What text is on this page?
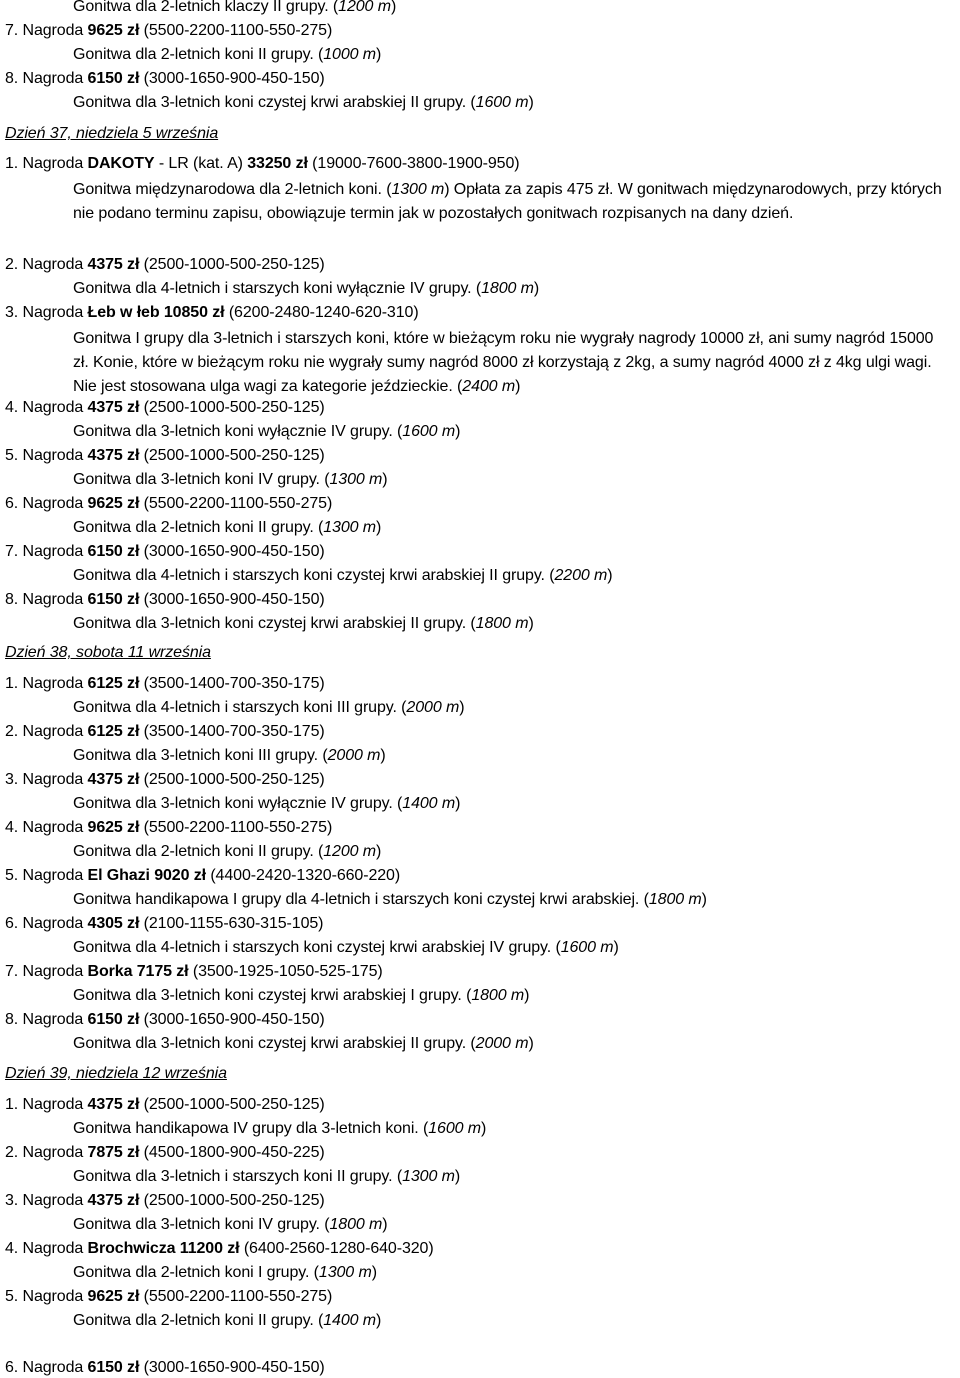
Gonitwa dla 2-letnich klaczy II grupy. (1200 m)
7. Nagroda 9625 zł (5500-2200-1100-550-275)
Gonitwa dla 2-letnich koni II grupy. (1000 m)
8. Nagroda 6150 zł (3000-1650-900-450-150)
Gonitwa dla 3-letnich koni czystej krwi arabskiej II grupy. (1600 m)
Dzień 37, niedziela 5 września
1. Nagroda DAKOTY - LR (kat. A) 33250 zł (19000-7600-3800-1900-950)
Gonitwa międzynarodowa dla 2-letnich koni. (1300 m) Opłata za zapis 475 zł. W gonitwach międzynarodowych, przy których nie podano terminu zapisu, obowiązuje termin jak w pozostałych gonitwach rozpisanych na dany dzień.
2. Nagroda 4375 zł (2500-1000-500-250-125)
Gonitwa dla 4-letnich i starszych koni wyłącznie IV grupy. (1800 m)
3. Nagroda Łeb w łeb 10850 zł (6200-2480-1240-620-310)
Gonitwa I grupy dla 3-letnich i starszych koni, które w bieżącym roku nie wygrały nagrody 10000 zł, ani sumy nagród 15000 zł. Konie, które w bieżącym roku nie wygrały sumy nagród 8000 zł korzystają z 2kg, a sumy nagród 4000 zł z 4kg ulgi wagi. Nie jest stosowana ulga wagi za kategorie jeździeckie. (2400 m)
4. Nagroda 4375 zł (2500-1000-500-250-125)
Gonitwa dla 3-letnich koni wyłącznie IV grupy. (1600 m)
5. Nagroda 4375 zł (2500-1000-500-250-125)
Gonitwa dla 3-letnich koni IV grupy. (1300 m)
6. Nagroda 9625 zł (5500-2200-1100-550-275)
Gonitwa dla 2-letnich koni II grupy. (1300 m)
7. Nagroda 6150 zł (3000-1650-900-450-150)
Gonitwa dla 4-letnich i starszych koni czystej krwi arabskiej II grupy. (2200 m)
8. Nagroda 6150 zł (3000-1650-900-450-150)
Gonitwa dla 3-letnich koni czystej krwi arabskiej II grupy. (1800 m)
Dzień 38, sobota 11 września
1. Nagroda 6125 zł (3500-1400-700-350-175)
Gonitwa dla 4-letnich i starszych koni III grupy. (2000 m)
2. Nagroda 6125 zł (3500-1400-700-350-175)
Gonitwa dla 3-letnich koni III grupy. (2000 m)
3. Nagroda 4375 zł (2500-1000-500-250-125)
Gonitwa dla 3-letnich koni wyłącznie IV grupy. (1400 m)
4. Nagroda 9625 zł (5500-2200-1100-550-275)
Gonitwa dla 2-letnich koni II grupy. (1200 m)
5. Nagroda El Ghazi 9020 zł (4400-2420-1320-660-220)
Gonitwa handikapowa I grupy dla 4-letnich i starszych koni czystej krwi arabskiej. (1800 m)
6. Nagroda 4305 zł (2100-1155-630-315-105)
Gonitwa dla 4-letnich i starszych koni czystej krwi arabskiej IV grupy. (1600 m)
7. Nagroda Borka 7175 zł (3500-1925-1050-525-175)
Gonitwa dla 3-letnich koni czystej krwi arabskiej I grupy. (1800 m)
8. Nagroda 6150 zł (3000-1650-900-450-150)
Gonitwa dla 3-letnich koni czystej krwi arabskiej II grupy. (2000 m)
Dzień 39, niedziela 12 września
1. Nagroda 4375 zł (2500-1000-500-250-125)
Gonitwa handikapowa IV grupy dla 3-letnich koni. (1600 m)
2. Nagroda 7875 zł (4500-1800-900-450-225)
Gonitwa dla 3-letnich i starszych koni II grupy. (1300 m)
3. Nagroda 4375 zł (2500-1000-500-250-125)
Gonitwa dla 3-letnich koni IV grupy. (1800 m)
4. Nagroda Brochwicza 11200 zł (6400-2560-1280-640-320)
Gonitwa dla 2-letnich koni I grupy. (1300 m)
5. Nagroda 9625 zł (5500-2200-1100-550-275)
Gonitwa dla 2-letnich koni II grupy. (1400 m)
6. Nagroda 6150 zł (3000-1650-900-450-150)
